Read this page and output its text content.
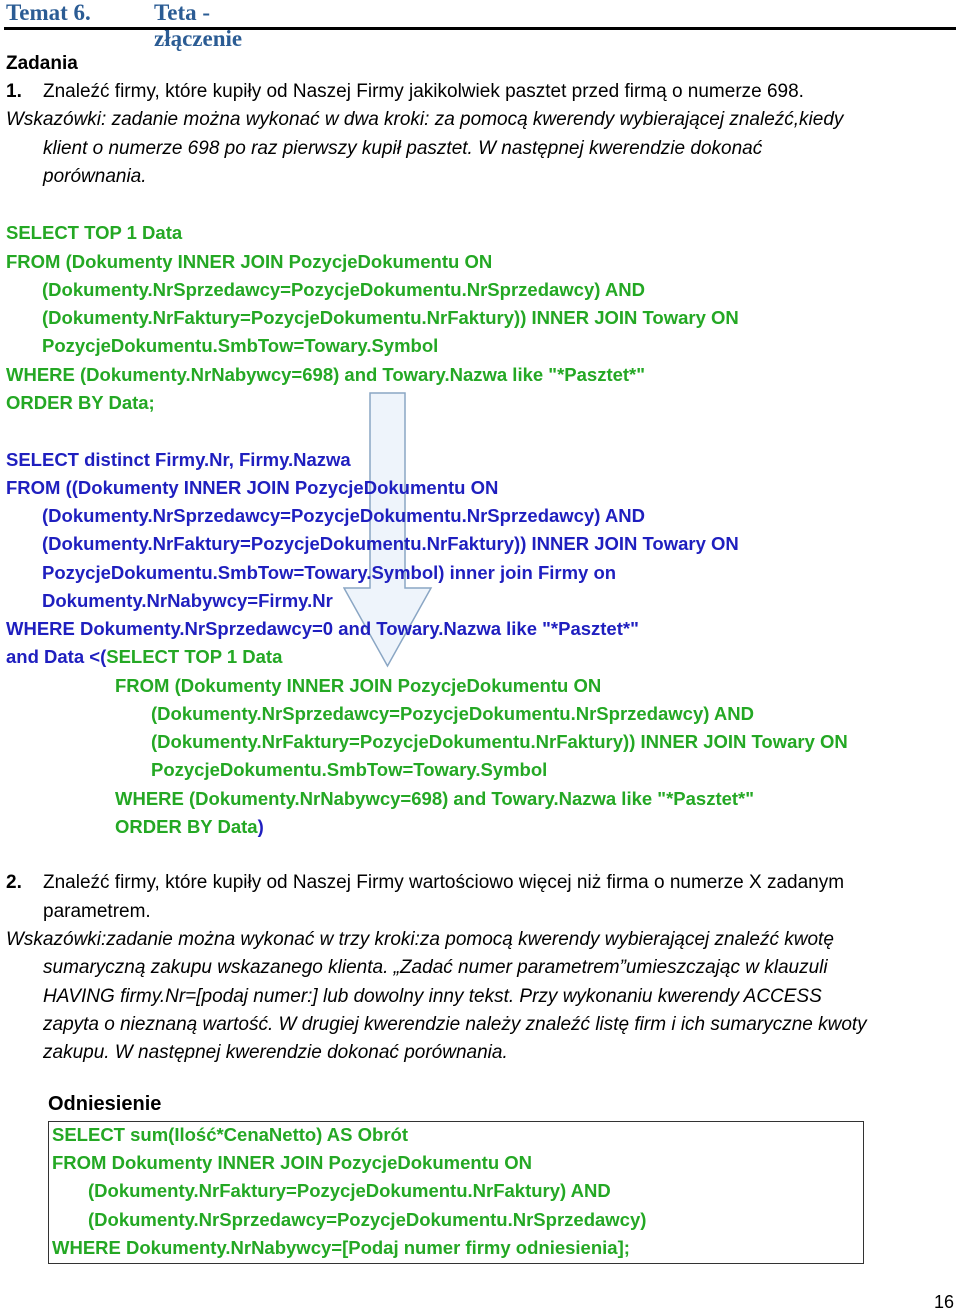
Temat 6.	Teta - złączenie
Zadania
1. Znaleźć firmy, które kupiły od Naszej Firmy jakikolwiek pasztet przed firmą o numerze 698.
Wskazówki: zadanie można wykonać w dwa kroki: za pomocą kwerendy wybierającej znaleźć,kiedy
klient o numerze 698 po raz pierwszy kupił pasztet. W następnej kwerendzie dokonać
porównania.
SELECT TOP 1 Data
FROM (Dokumenty INNER JOIN PozycjeDokumentu ON
(Dokumenty.NrSprzedawcy=PozycjeDokumentu.NrSprzedawcy) AND
(Dokumenty.NrFaktury=PozycjeDokumentu.NrFaktury)) INNER JOIN Towary ON
PozycjeDokumentu.SmbTow=Towary.Symbol
WHERE (Dokumenty.NrNabywcy=698) and Towary.Nazwa like "*Pasztet*"
ORDER BY Data;
SELECT distinct Firmy.Nr, Firmy.Nazwa
FROM ((Dokumenty INNER JOIN PozycjeDokumentu ON
(Dokumenty.NrSprzedawcy=PozycjeDokumentu.NrSprzedawcy) AND
(Dokumenty.NrFaktury=PozycjeDokumentu.NrFaktury)) INNER JOIN Towary ON
PozycjeDokumentu.SmbTow=Towary.Symbol) inner join Firmy on
Dokumenty.NrNabywcy=Firmy.Nr
WHERE Dokumenty.NrSprzedawcy=0 and Towary.Nazwa like "*Pasztet*"
and Data <(SELECT TOP 1 Data
FROM (Dokumenty INNER JOIN PozycjeDokumentu ON
(Dokumenty.NrSprzedawcy=PozycjeDokumentu.NrSprzedawcy) AND
(Dokumenty.NrFaktury=PozycjeDokumentu.NrFaktury)) INNER JOIN Towary ON
PozycjeDokumentu.SmbTow=Towary.Symbol
WHERE (Dokumenty.NrNabywcy=698) and Towary.Nazwa like "*Pasztet*"
ORDER BY Data)
2. Znaleźć firmy, które kupiły od Naszej Firmy wartościowo więcej niż firma o numerze X zadanym
parametrem.
Wskazówki:zadanie można wykonać w trzy kroki:za pomocą kwerendy wybierającej znaleźć kwotę
sumaryczną zakupu wskazanego klienta. „Zadać numer parametrem”umieszczając w klauzuli
HAVING firmy.Nr=[podaj numer:] lub dowolny inny tekst. Przy wykonaniu kwerendy ACCESS
zapyta o nieznaną wartość. W drugiej kwerendzie należy znaleźć listę firm i ich sumaryczne kwoty
zakupu. W następnej kwerendzie dokonać porównania.
Odniesienie
SELECT sum(Ilość*CenaNetto) AS Obrót
FROM Dokumenty INNER JOIN PozycjeDokumentu ON
(Dokumenty.NrFaktury=PozycjeDokumentu.NrFaktury) AND
(Dokumenty.NrSprzedawcy=PozycjeDokumentu.NrSprzedawcy)
WHERE Dokumenty.NrNabywcy=[Podaj numer firmy odniesienia];
16
